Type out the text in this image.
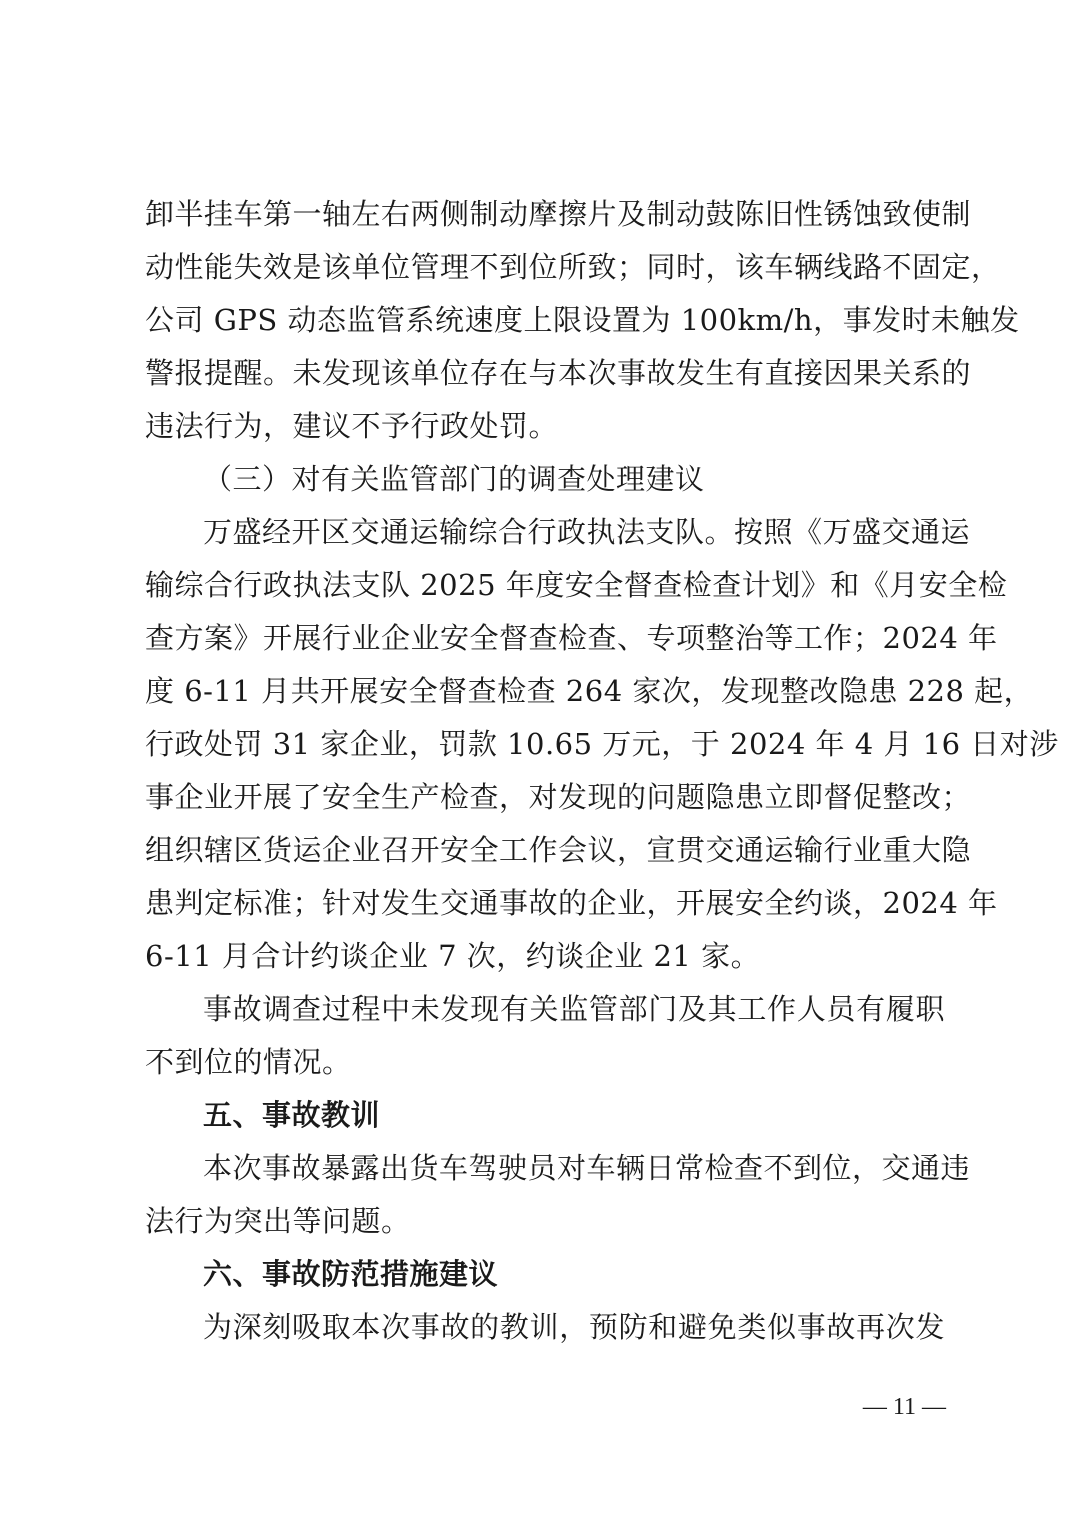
卸半挂车第一轴左右两侧制动摩擦片及制动鼓陈旧性锈蚀致使制
动性能失效是该单位管理不到位所致；同时，该车辆线路不固定，
公司 GPS 动态监管系统速度上限设置为 100km/h，事发时未触发
警报提醒。未发现该单位存在与本次事故发生有直接因果关系的
违法行为，建议不予行政处罚。
（三）对有关监管部门的调查处理建议
万盛经开区交通运输综合行政执法支队。按照《万盛交通运
输综合行政执法支队 2025 年度安全督查检查计划》和《月安全检
查方案》开展行业企业安全督查检查、专项整治等工作；2024 年
度 6-11 月共开展安全督查检查 264 家次，发现整改隐患 228 起，
行政处罚 31 家企业，罚款 10.65 万元，于 2024 年 4 月 16 日对涉
事企业开展了安全生产检查，对发现的问题隐患立即督促整改；
组织辖区货运企业召开安全工作会议，宣贯交通运输行业重大隐
患判定标准；针对发生交通事故的企业，开展安全约谈，2024 年
6-11 月合计约谈企业 7 次，约谈企业 21 家。
事故调查过程中未发现有关监管部门及其工作人员有履职
不到位的情况。
五、事故教训
本次事故暴露出货车驾驶员对车辆日常检查不到位，交通违
法行为突出等问题。
六、事故防范措施建议
为深刻吸取本次事故的教训，预防和避免类似事故再次发
— 11 —
